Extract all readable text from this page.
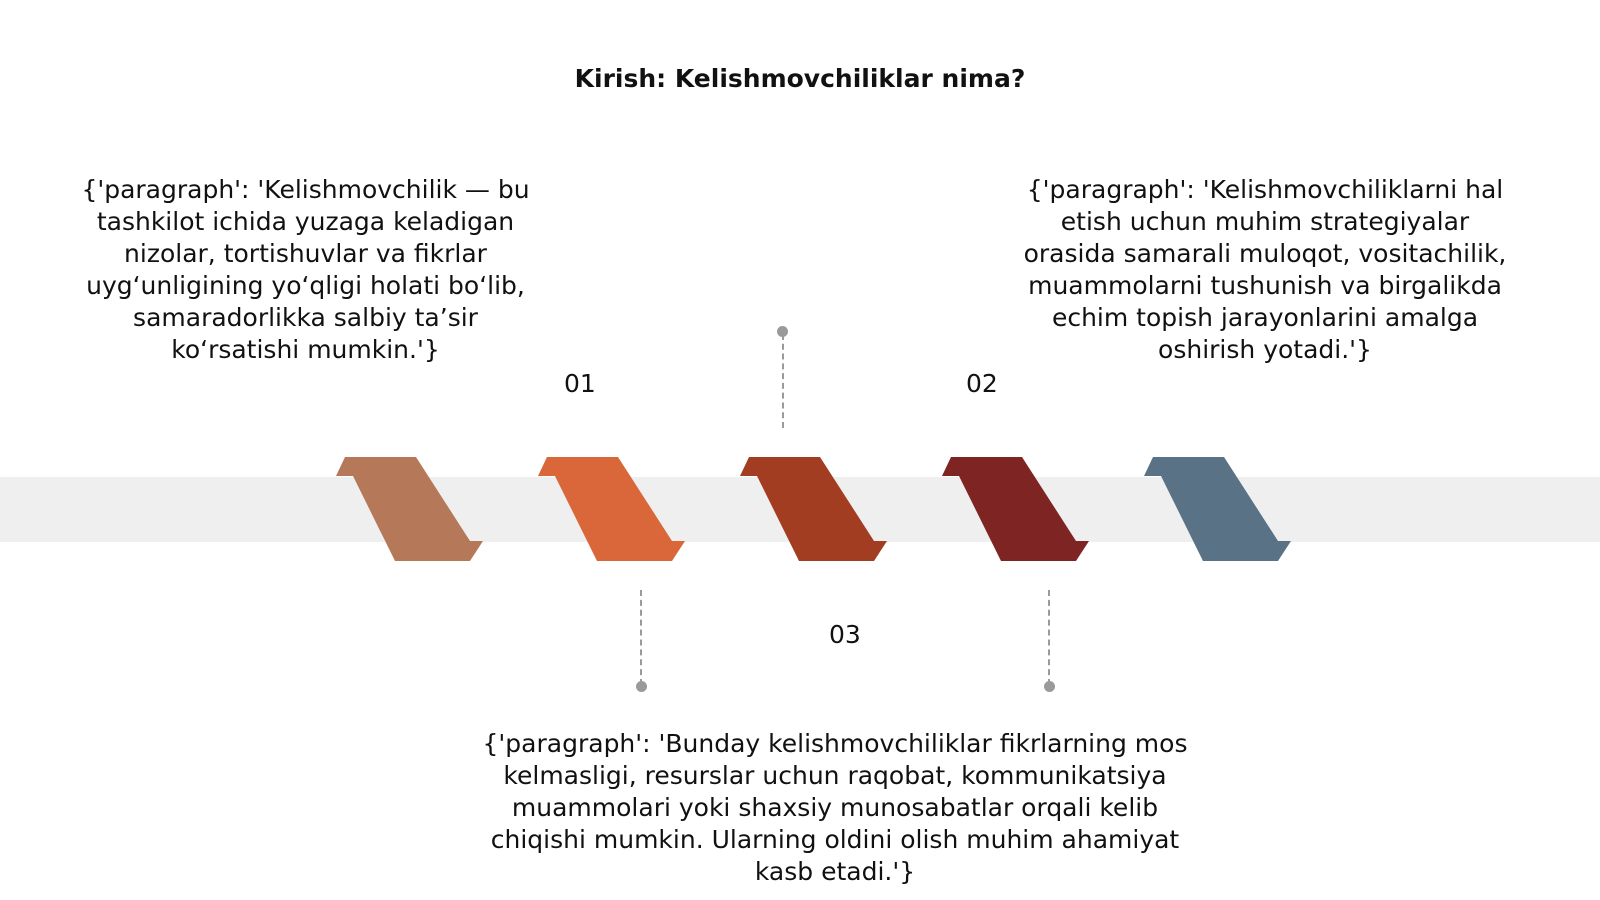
Kirish: Kelishmovchiliklar nima?

{'paragraph': 'Kelishmovchilik — bu tashkilot ichida yuzaga keladigan nizolar, tortishuvlar va fikrlar uyg‘unligining yo‘qligi holati bo‘lib, samaradorlikka salbiy ta’sir ko‘rsatishi mumkin.'}

{'paragraph': 'Kelishmovchiliklarni hal etish uchun muhim strategiyalar orasida samarali muloqot, vositachilik, muammolarni tushunish va birgalikda echim topish jarayonlarini amalga oshirish yotadi.'}

{'paragraph': 'Bunday kelishmovchiliklar fikrlarning mos kelmasligi, resurslar uchun raqobat, kommunikatsiya muammolari yoki shaxsiy munosabatlar orqali kelib chiqishi mumkin. Ularning oldini olish muhim ahamiyat kasb etadi.'}

01	02
03
